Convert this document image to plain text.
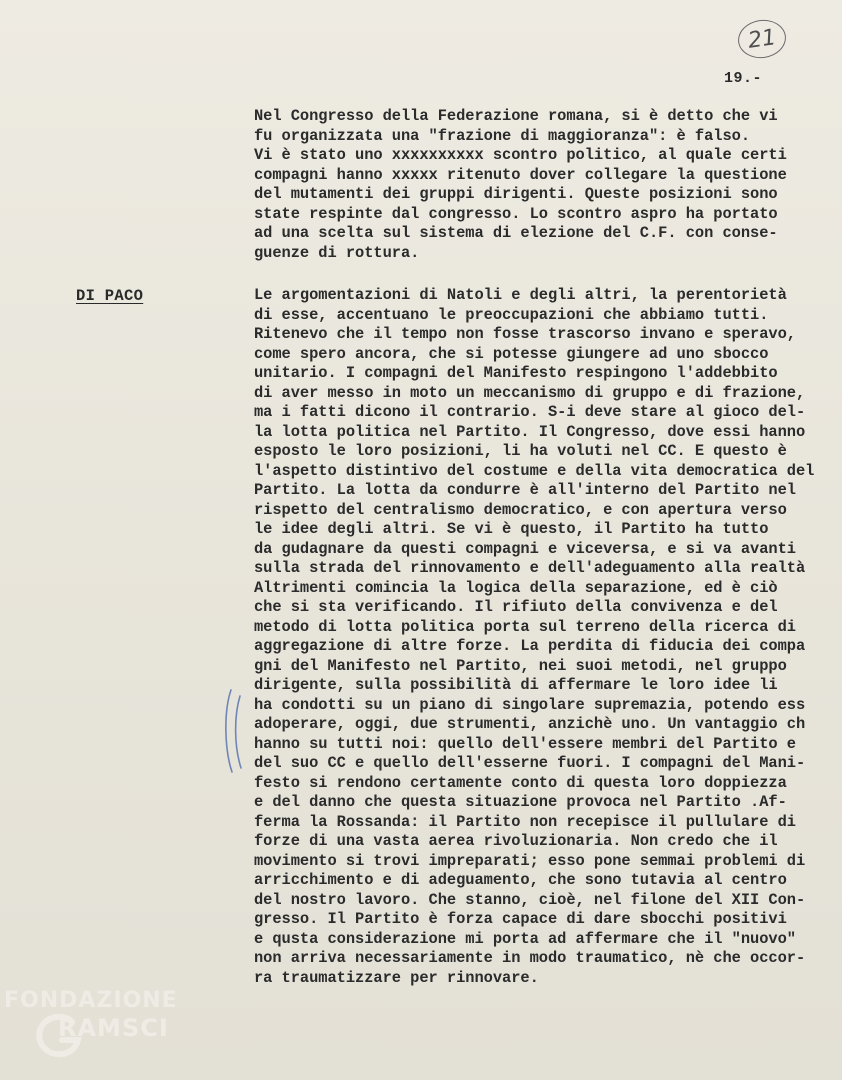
21
19.-
Nel Congresso della Federazione romana, si è detto che vi
fu organizzata una "frazione di maggioranza": è falso.
Vi è stato uno xxxxxxxxxx scontro politico, al quale certi
compagni hanno xxxxx ritenuto dover collegare la questione
del mutamenti dei gruppi dirigenti. Queste posizioni sono
state respinte dal congresso. Lo scontro aspro ha portato
ad una scelta sul sistema di elezione del C.F. con conse-
guenze di rottura.
DI PACO	Le argomentazioni di Natoli e degli altri, la perentorietà
di esse, accentuano le preoccupazioni che abbiamo tutti.
Ritenevo che il tempo non fosse trascorso invano e speravo,
come spero ancora, che si potesse giungere ad uno sbocco
unitario. I compagni del Manifesto respingono l'addebbito
di aver messo in moto un meccanismo di gruppo e di frazione,
ma i fatti dicono il contrario. S-i deve stare al gioco del-
la lotta politica nel Partito. Il Congresso, dove essi hanno
esposto le loro posizioni, li ha voluti nel CC. E questo è
l'aspetto distintivo del costume e della vita democratica del
Partito. La lotta da condurre è all'interno del Partito nel
rispetto del centralismo democratico, e con apertura verso
le idee degli altri. Se vi è questo, il Partito ha tutto
da gudagnare da questi compagni e viceversa, e si va avanti
sulla strada del rinnovamento e dell'adeguamento alla realtà
Altrimenti comincia la logica della separazione, ed è ciò
che si sta verificando. Il rifiuto della convivenza e del
metodo di lotta politica porta sul terreno della ricerca di
aggregazione di altre forze. La perdita di fiducia dei compa
gni del Manifesto nel Partito, nei suoi metodi, nel gruppo
dirigente, sulla possibilità di affermare le loro idee li
ha condotti su un piano di singolare supremazia, potendo ess
adoperare, oggi, due strumenti, anzichè uno. Un vantaggio ch
hanno su tutti noi: quello dell'essere membri del Partito e
del suo CC e quello dell'esserne fuori. I compagni del Mani-
festo si rendono certamente conto di questa loro doppiezza
e del danno che questa situazione provoca nel Partito .Af-
ferma la Rossanda: il Partito non recepisce il pullulare di
forze di una vasta aerea rivoluzionaria. Non credo che il
movimento si trovi impreparati; esso pone semmai problemi di
arricchimento e di adeguamento, che sono tutavia al centro
del nostro lavoro. Che stanno, cioè, nel filone del XII Con-
gresso. Il Partito è forza capace di dare sbocchi positivi
e qusta considerazione mi porta ad affermare che il "nuovo"
non arriva necessariamente in modo traumatico, nè che occor-
ra traumatizzare per rinnovare.
FONDAZIONE
RAMSCI
